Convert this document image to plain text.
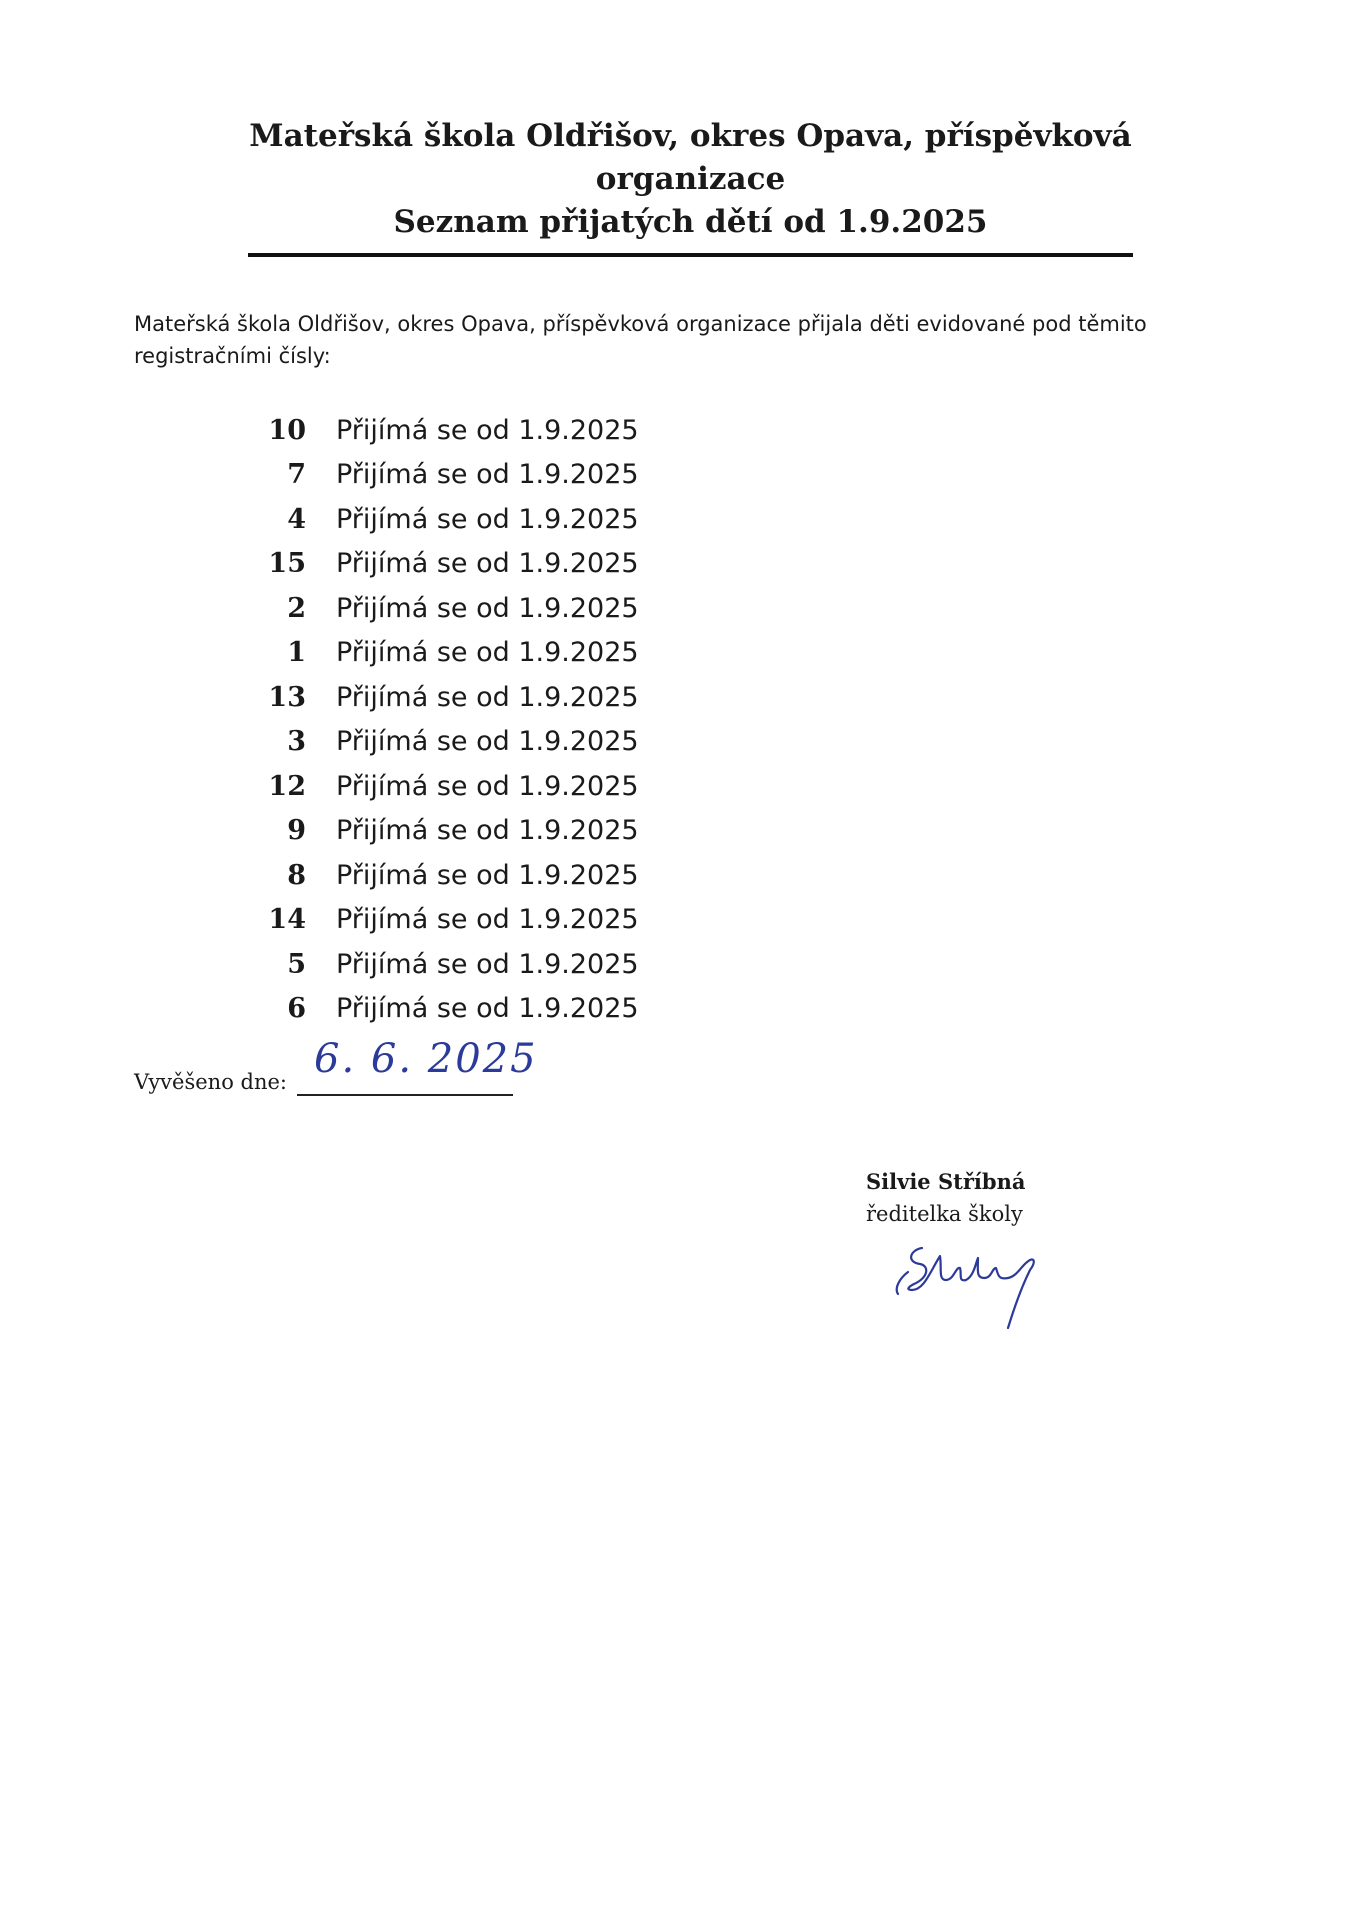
Mateřská škola Oldřišov, okres Opava, příspěvková
organizace
Seznam přijatých dětí od 1.9.2025

Mateřská škola Oldřišov, okres Opava, příspěvková organizace přijala děti evidované pod těmito registračními čísly:

10 Přijímá se od 1.9.2025
7 Přijímá se od 1.9.2025
4 Přijímá se od 1.9.2025
15 Přijímá se od 1.9.2025
2 Přijímá se od 1.9.2025
1 Přijímá se od 1.9.2025
13 Přijímá se od 1.9.2025
3 Přijímá se od 1.9.2025
12 Přijímá se od 1.9.2025
9 Přijímá se od 1.9.2025
8 Přijímá se od 1.9.2025
14 Přijímá se od 1.9.2025
5 Přijímá se od 1.9.2025
6 Přijímá se od 1.9.2025
Vyvěšeno dne: 6. 6. 2025
Silvie Stříbná
ředitelka školy
